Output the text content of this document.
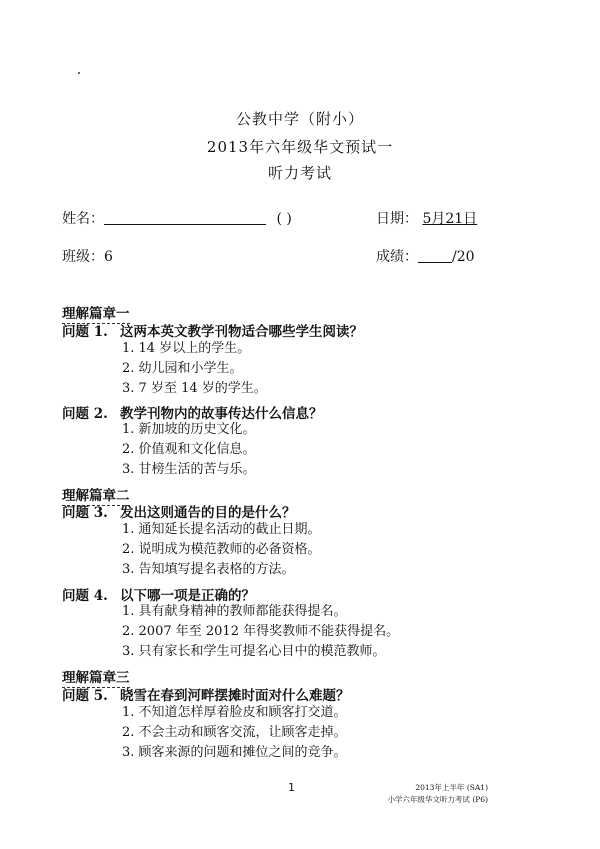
公教中学（附小）
2013年六年级华文预试一
听力考试
姓名：	( )	日期： 5月21日
班级：6	成绩： /20
理解篇章一
问题 1. 这两本英文教学刊物适合哪些学生阅读？
1. 14 岁以上的学生。
2. 幼儿园和小学生。
3. 7 岁至 14 岁的学生。
问题 2. 教学刊物内的故事传达什么信息？
1. 新加坡的历史文化。
2. 价值观和文化信息。
3. 甘榜生活的苦与乐。
理解篇章二
问题 3. 发出这则通告的目的是什么？
1. 通知延长提名活动的截止日期。
2. 说明成为模范教师的必备资格。
3. 告知填写提名表格的方法。
问题 4. 以下哪一项是正确的？
1. 具有献身精神的教师都能获得提名。
2. 2007 年至 2012 年得奖教师不能获得提名。
3. 只有家长和学生可提名心目中的模范教师。
理解篇章三
问题 5. 晓雪在春到河畔摆摊时面对什么难题？
1. 不知道怎样厚着脸皮和顾客打交道。
2. 不会主动和顾客交流，让顾客走掉。
3. 顾客来源的问题和摊位之间的竞争。
1	2013年上半年 (SA1)
小学六年级华文听力考试 (P6)
